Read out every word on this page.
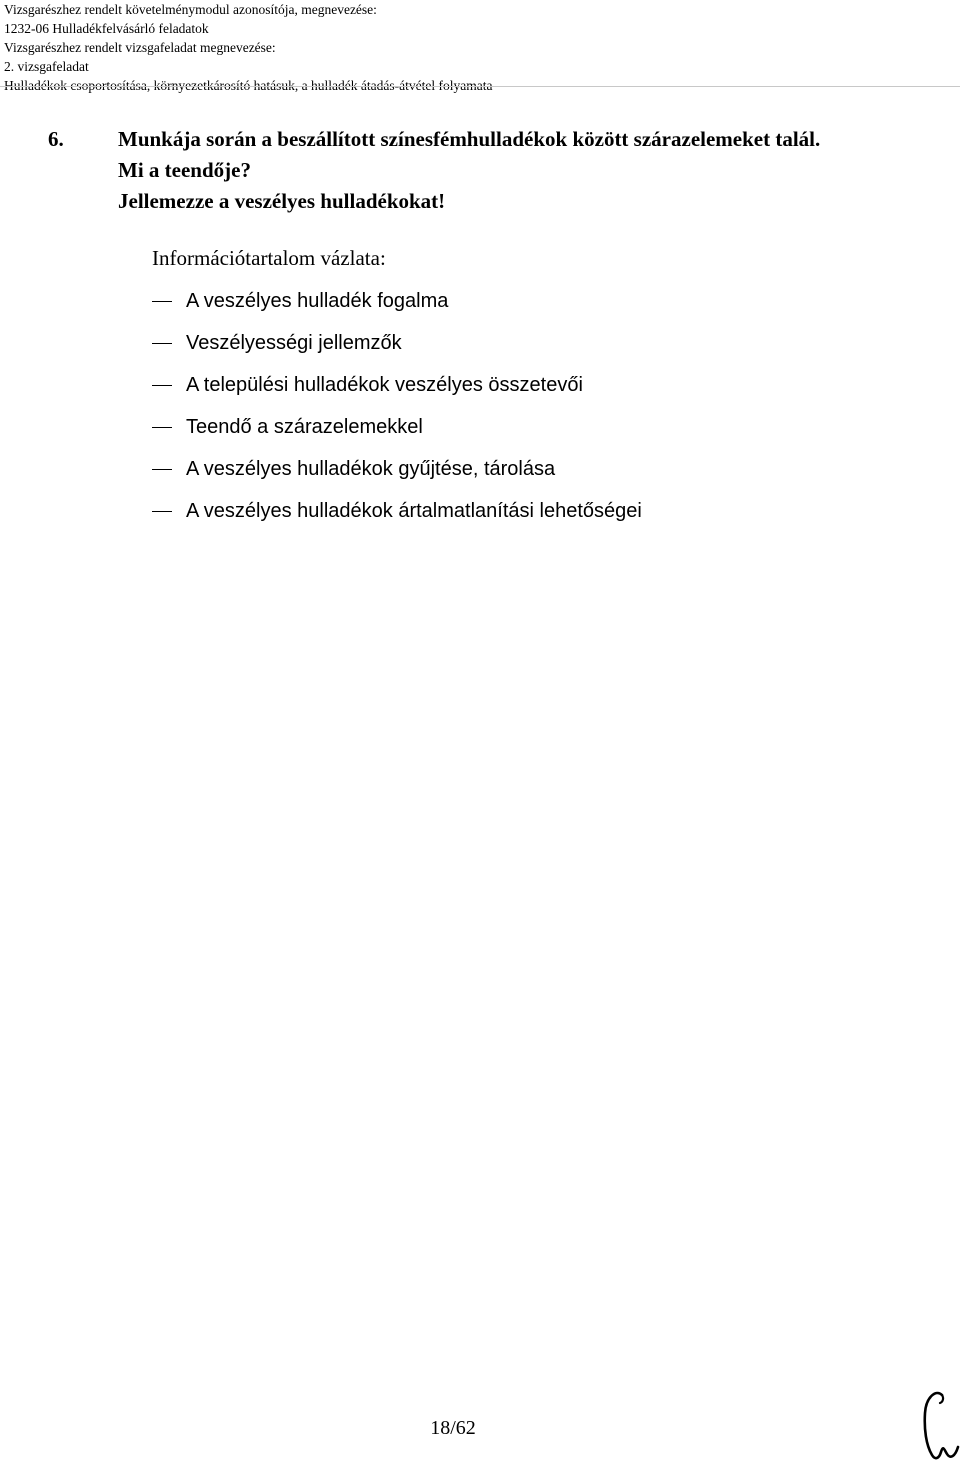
Vizsgarészhez rendelt követelménymodul azonosítója, megnevezése:
1232-06 Hulladékfelvásárló feladatok
Vizsgarészhez rendelt vizsgafeladat megnevezése:
2. vizsgafeladat
Hulladékok csoportosítása, környezetkárosító hatásuk, a hulladék átadás-átvétel folyamata
6.	Munkája során a beszállított színesfémhulladékok között szárazelemeket talál.
Mi a teendője?
Jellemezze a veszélyes hulladékokat!
Információtartalom vázlata:
A veszélyes hulladék fogalma
Veszélyességi jellemzők
A települési hulladékok veszélyes összetevői
Teendő a szárazelemekkel
A veszélyes hulladékok gyűjtése, tárolása
A veszélyes hulladékok ártalmatlanítási lehetőségei
18/62
